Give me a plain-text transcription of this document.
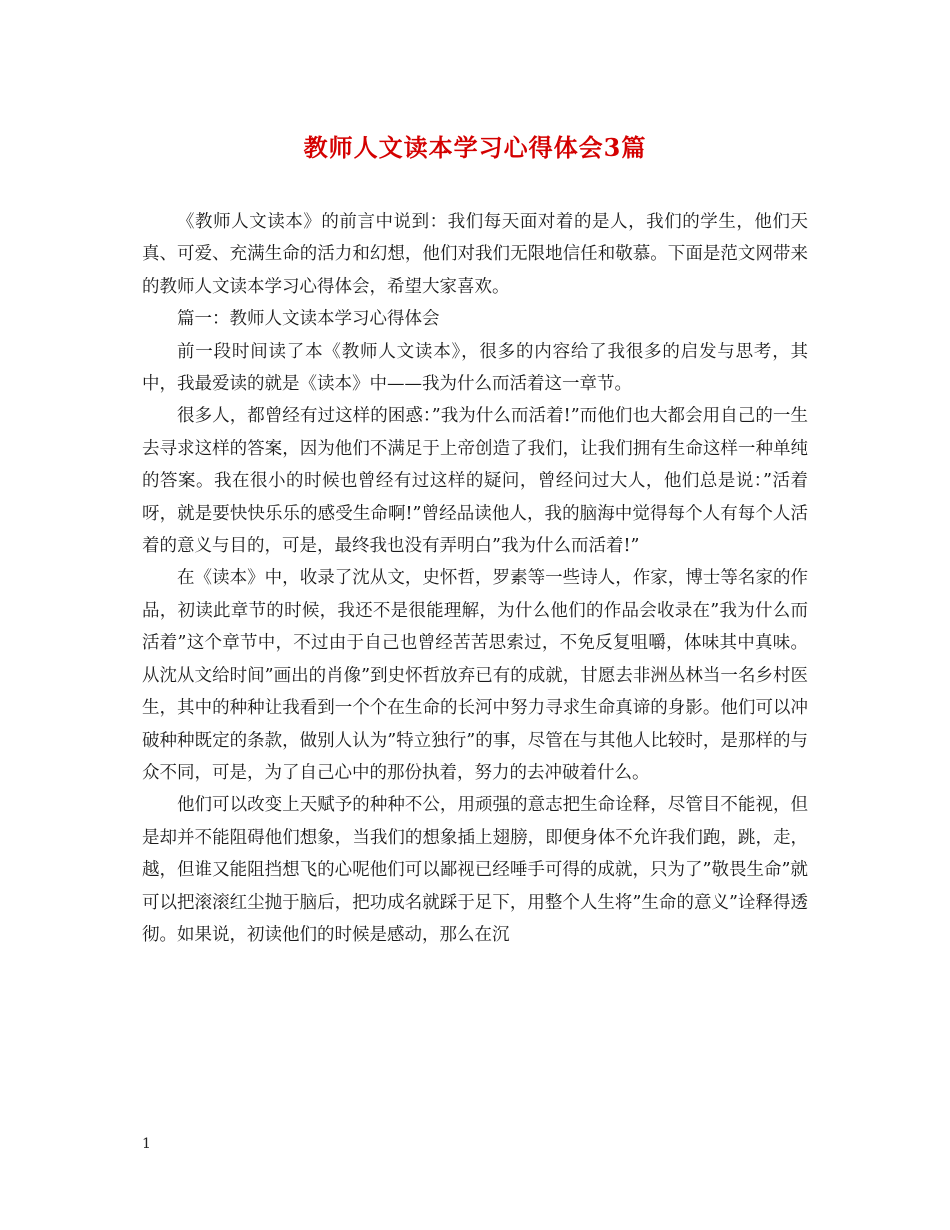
教师人文读本学习心得体会3篇

《教师人文读本》的前言中说到：我们每天面对着的是人，我们的学生，他们天真、可爱、充满生命的活力和幻想，他们对我们无限地信任和敬慕。下面是范文网带来的教师人文读本学习心得体会，希望大家喜欢。

篇一：教师人文读本学习心得体会

前一段时间读了本《教师人文读本》，很多的内容给了我很多的启发与思考，其中，我最爱读的就是《读本》中——我为什么而活着这一章节。

很多人，都曾经有过这样的困惑：”我为什么而活着!”而他们也大都会用自己的一生去寻求这样的答案，因为他们不满足于上帝创造了我们，让我们拥有生命这样一种单纯的答案。我在很小的时候也曾经有过这样的疑问，曾经问过大人，他们总是说：”活着呀，就是要快快乐乐的感受生命啊!”曾经品读他人，我的脑海中觉得每个人有每个人活着的意义与目的，可是，最终我也没有弄明白”我为什么而活着!”

在《读本》中，收录了沈从文，史怀哲，罗素等一些诗人，作家，博士等名家的作品，初读此章节的时候，我还不是很能理解，为什么他们的作品会收录在”我为什么而活着”这个章节中，不过由于自己也曾经苦苦思索过，不免反复咀嚼，体味其中真味。从沈从文给时间”画出的肖像”到史怀哲放弃已有的成就，甘愿去非洲丛林当一名乡村医生，其中的种种让我看到一个个在生命的长河中努力寻求生命真谛的身影。他们可以冲破种种既定的条款，做别人认为”特立独行”的事，尽管在与其他人比较时，是那样的与众不同，可是，为了自己心中的那份执着，努力的去冲破着什么。

他们可以改变上天赋予的种种不公，用顽强的意志把生命诠释，尽管目不能视，但是却并不能阻碍他们想象，当我们的想象插上翅膀，即便身体不允许我们跑，跳，走，越，但谁又能阻挡想飞的心呢他们可以鄙视已经唾手可得的成就，只为了”敬畏生命”就可以把滚滚红尘抛于脑后，把功成名就踩于足下，用整个人生将”生命的意义”诠释得透彻。如果说，初读他们的时候是感动，那么在沉

1
